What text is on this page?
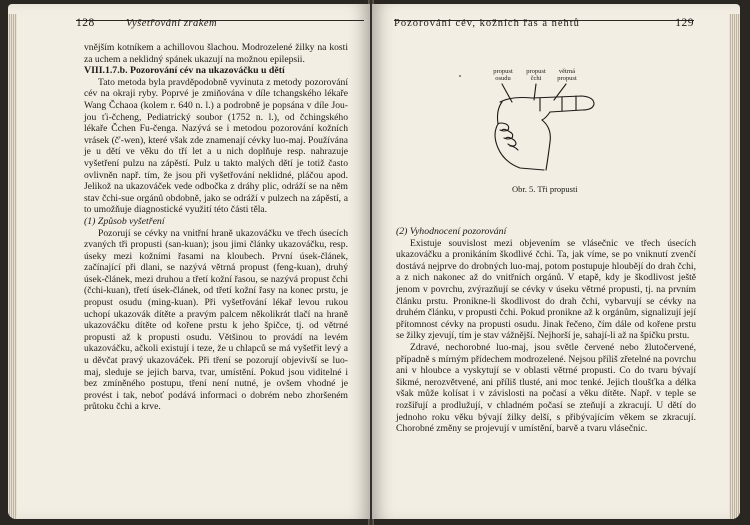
128	Vyšetřování zrakem

vnějším kotníkem a achillovou šlachou. Modrozelené žilky na kosti za uchem a neklidný spánek ukazují na možnou epilepsii.

VIII.1.7.b. Pozorování cév na ukazováčku u dětí

Tato metoda byla pravděpodobně vyvinuta z metody pozorování cév na okraji ryby. Poprvé je zmiňována v díle tchangského lékaře Wang Čchaoa (kolem r. 640 n. l.) a podrobně je popsána v díle Jou-jou ťi-čcheng, Pediatrický soubor (1752 n. l.), od čchingského lékaře Čchen Fu-čenga. Nazývá se i metodou pozorování kožních vrásek (č'-wen), které však zde znamenají cévky luo-maj. Používána je u dětí ve věku do tří let a u nich doplňuje resp. nahrazuje vyšetření pulzu na zápěstí. Pulz u takto malých dětí je totiž často ovlivněn např. tím, že jsou při vyšetřování neklidné, pláčou apod. Jelikož na ukazováček vede odbočka z dráhy plic, odráží se na něm stav čchi-sue orgánů obdobně, jako se odráží v pulzech na zápěstí, a to umožňuje diagnostické využití této části těla.

(1) Způsob vyšetření

Pozorují se cévky na vnitřní hraně ukazováčku ve třech úsecích zvaných tři propusti (san-kuan); jsou jimi články ukazováčku, resp. úseky mezi kožními řasami na kloubech. První úsek-článek, začínající při dlani, se nazývá větrná propust (feng-kuan), druhý úsek-článek, mezi druhou a třetí kožní řasou, se nazývá propust čchi (čchi-kuan), třetí úsek-článek, od třetí kožní řasy na konec prstu, je propust osudu (ming-kuan). Při vyšetřování lékař levou rukou uchopí ukazovák dítěte a pravým palcem několikrát tlačí na hraně ukazováčku dítěte od kořene prstu k jeho špičce, tj. od větrné propusti až k propusti osudu. Většinou to provádí na levém ukazováčku, ačkoli existují i teze, že u chlapců se má vyšetřit levý a u děvčat pravý ukazováček. Při tření se pozorují objevivší se luo-maj, sleduje se jejich barva, tvar, umístění. Pokud jsou viditelné i bez zmíněného postupu, tření není nutné, je ovšem vhodné je provést i tak, neboť podává informaci o dobrém nebo zhoršeném průtoku čchi a krve.

Pozorování cév, kožních řas a nehtů	129
propust osudu
propust čchi
větrná propust
Obr. 5. Tři propusti

(2) Vyhodnocení pozorování

Existuje souvislost mezi objevením se vlásečnic ve třech úsecích ukazováčku a pronikáním škodlivé čchi. Ta, jak víme, se po vniknutí zvenčí dostává nejprve do drobných luo-maj, potom postupuje hloubějí do drah čchi, a z nich nakonec až do vnitřních orgánů. V etapě, kdy je škodlivost ještě jenom v povrchu, zvýrazňují se cévky v úseku větrné propusti, tj. na prvním článku prstu. Pronikne-li škodlivost do drah čchi, vybarvují se cévky na druhém článku, v propusti čchi. Pokud pronikne až k orgánům, signalizují její přítomnost cévky na propusti osudu. Jinak řečeno, čím dále od kořene prstu se žilky zjevují, tím je stav vážnější. Nejhorší je, sahají-li až na špičku prstu.

Zdravé, nechorobné luo-maj, jsou světle červené nebo žlutočervené, případně s mírným přídechem modrozelené. Nejsou příliš zřetelné na povrchu ani v hloubce a vyskytují se v oblasti větrné propusti. Co do tvaru bývají šikmé, nerozvětvené, ani příliš tlusté, ani moc tenké. Jejich tloušťka a délka však může kolísat i v závislosti na počasí a věku dítěte. Např. v teple se rozšiřují a prodlužují, v chladném počasí se zteňují a zkracují. U dětí do jednoho roku věku bývají žilky delší, s přibývajícím věkem se zkracují. Chorobné změny se projevují v umístění, barvě a tvaru vlásečnic.
